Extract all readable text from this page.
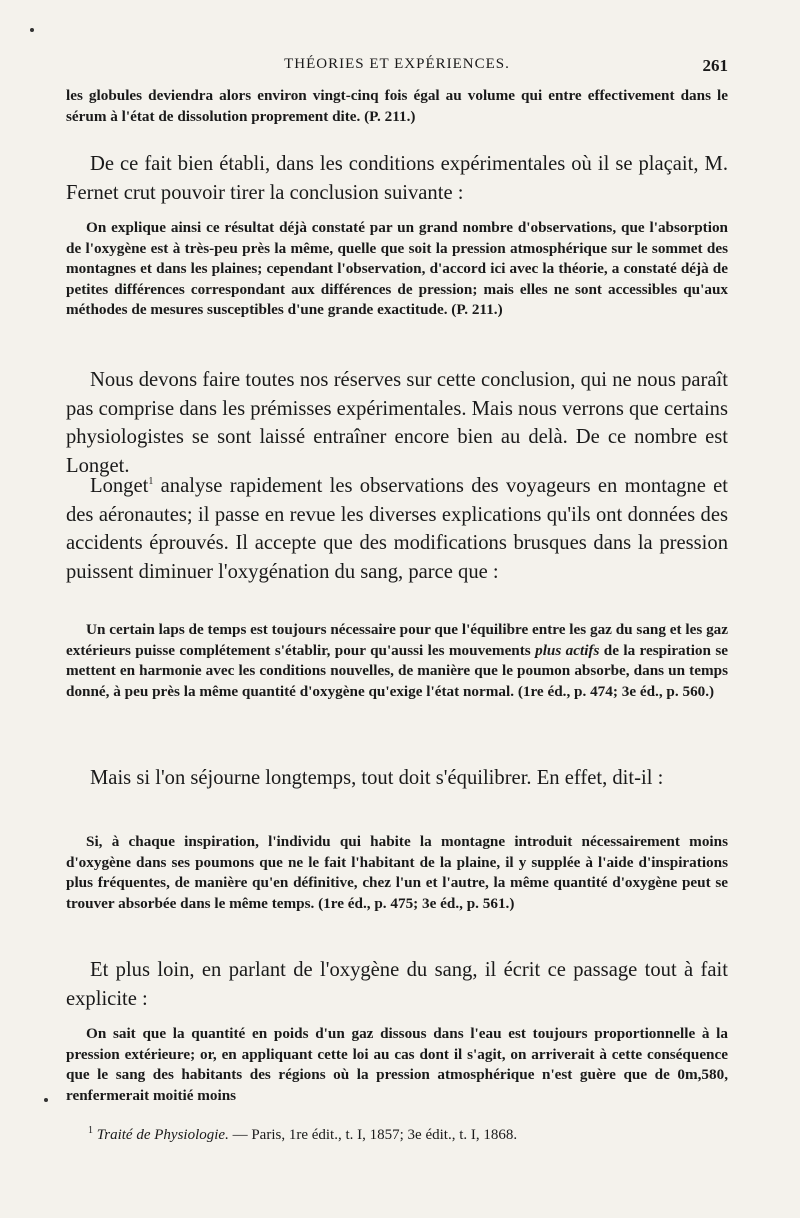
THÉORIES ET EXPÉRIENCES.	261

les globules deviendra alors environ vingt-cinq fois égal au volume qui entre effectivement dans le sérum à l'état de dissolution proprement dite. (P. 211.)

De ce fait bien établi, dans les conditions expérimentales où il se plaçait, M. Fernet crut pouvoir tirer la conclusion suivante :

On explique ainsi ce résultat déjà constaté par un grand nombre d'observations, que l'absorption de l'oxygène est à très-peu près la même, quelle que soit la pression atmosphérique sur le sommet des montagnes et dans les plaines; cependant l'observation, d'accord ici avec la théorie, a constaté déjà de petites différences correspondant aux différences de pression; mais elles ne sont accessibles qu'aux méthodes de mesures susceptibles d'une grande exactitude. (P. 211.)

Nous devons faire toutes nos réserves sur cette conclusion, qui ne nous paraît pas comprise dans les prémisses expérimentales. Mais nous verrons que certains physiologistes se sont laissé entraîner encore bien au delà. De ce nombre est Longet.

Longet$^1$ analyse rapidement les observations des voyageurs en montagne et des aéronautes; il passe en revue les diverses explications qu'ils ont données des accidents éprouvés. Il accepte que des modifications brusques dans la pression puissent diminuer l'oxygénation du sang, parce que :

Un certain laps de temps est toujours nécessaire pour que l'équilibre entre les gaz du sang et les gaz extérieurs puisse complétement s'établir, pour qu'aussi les mouvements plus actifs de la respiration se mettent en harmonie avec les conditions nouvelles, de manière que le poumon absorbe, dans un temps donné, à peu près la même quantité d'oxygène qu'exige l'état normal. (1re éd., p. 474; 3e éd., p. 560.)

Mais si l'on séjourne longtemps, tout doit s'équilibrer. En effet, dit-il :

Si, à chaque inspiration, l'individu qui habite la montagne introduit nécessairement moins d'oxygène dans ses poumons que ne le fait l'habitant de la plaine, il y supplée à l'aide d'inspirations plus fréquentes, de manière qu'en définitive, chez l'un et l'autre, la même quantité d'oxygène peut se trouver absorbée dans le même temps. (1re éd., p. 475; 3e éd., p. 561.)

Et plus loin, en parlant de l'oxygène du sang, il écrit ce passage tout à fait explicite :

On sait que la quantité en poids d'un gaz dissous dans l'eau est toujours proportionnelle à la pression extérieure; or, en appliquant cette loi au cas dont il s'agit, on arriverait à cette conséquence que le sang des habitants des régions où la pression atmosphérique n'est guère que de 0m,580, renfermerait moitié moins

$^1$ Traité de Physiologie. — Paris, 1re édit., t. I, 1857; 3e édit., t. I, 1868.
